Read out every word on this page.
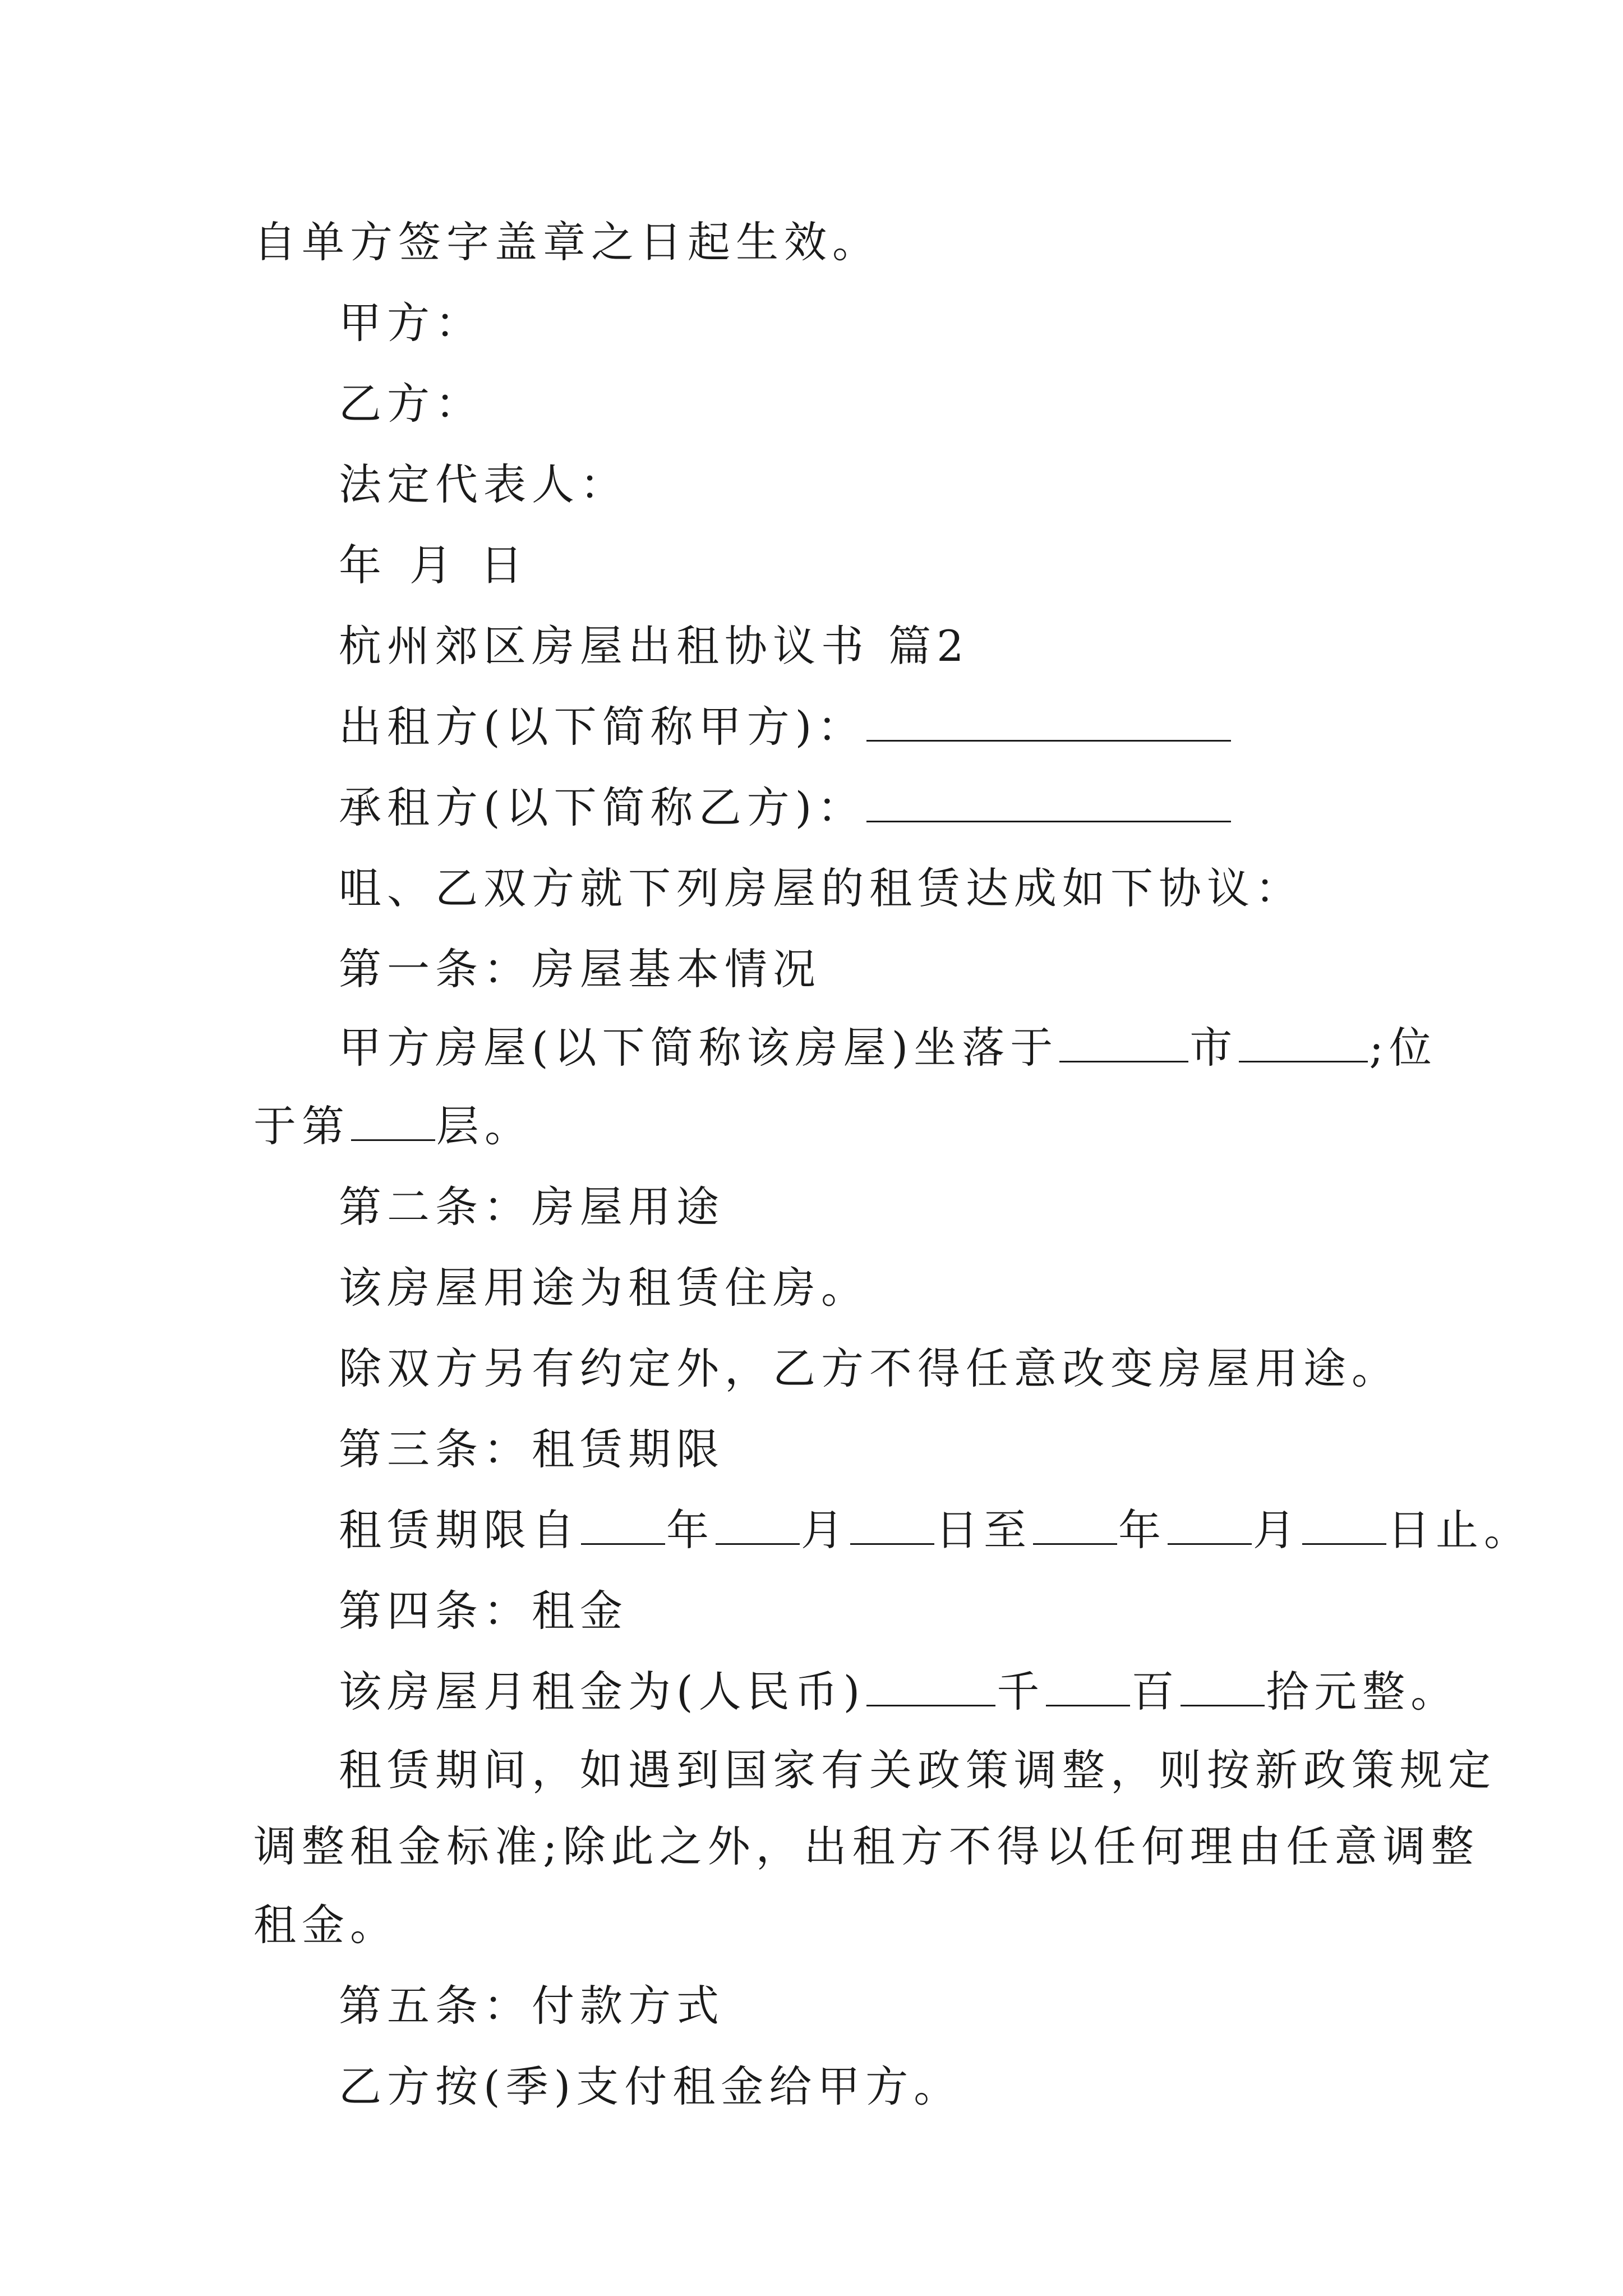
自单方签字盖章之日起生效。
甲方：
乙方：
法定代表人：
年 月 日
杭州郊区房屋出租协议书 篇2
出租方(以下简称甲方)：
承租方(以下简称乙方)：
咀、乙双方就下列房屋的租赁达成如下协议：
第一条：房屋基本情况
甲方房屋(以下简称该房屋)坐落于	市	;位
于第 层。
第二条：房屋用途
该房屋用途为租赁住房。
除双方另有约定外，乙方不得任意改变房屋用途。
第三条：租赁期限
租赁期限自 年 月 日至 年 月 日止。
第四条：租金
该房屋月租金为(人民币)	千 百 拾元整。
租赁期间，如遇到国家有关政策调整，则按新政策规定
调整租金标准;除此之外，出租方不得以任何理由任意调整
租金。
第五条：付款方式
乙方按(季)支付租金给甲方。
